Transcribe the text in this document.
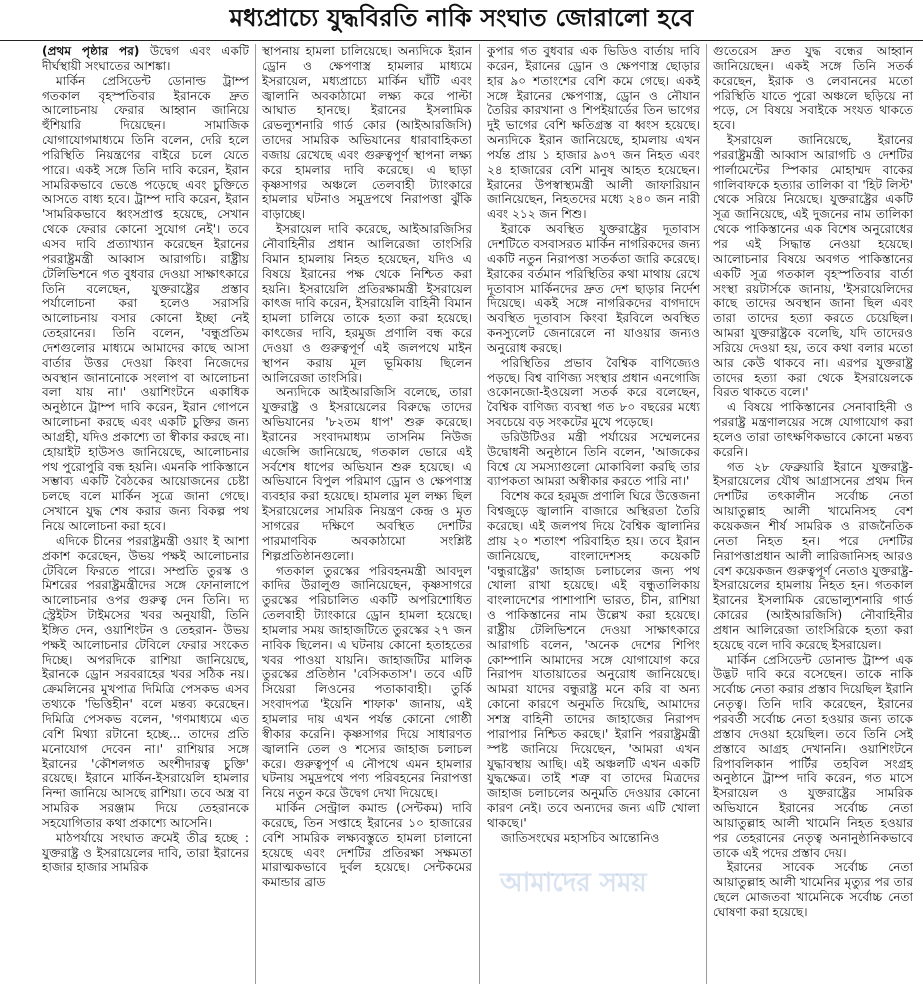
মধ্যপ্রাচ্যে যুদ্ধবিরতি নাকি সংঘাত জোরালো হবে

(প্রথম পৃষ্ঠার পর) উদ্বেগ এবং একটি দীর্ঘস্থায়ী সংঘাতের আশঙ্কা।

মার্কিন প্রেসিডেন্ট ডোনাল্ড ট্রাম্প গতকাল বৃহস্পতিবার ইরানকে দ্রুত আলোচনায় ফেরার আহ্বান জানিয়ে হুঁশিয়ারি দিয়েছেন। সামাজিক যোগাযোগমাধ্যমে তিনি বলেন, দেরি হলে পরিস্থিতি নিয়ন্ত্রণের বাইরে চলে যেতে পারে। একই সঙ্গে তিনি দাবি করেন, ইরান সামরিকভাবে ভেঙে পড়েছে এবং চুক্তিতে আসতে বাধ্য হবে। ট্রাম্প দাবি করেন, ইরান 'সামরিকভাবে ধ্বংসপ্রাপ্ত হয়েছে, সেখান থেকে ফেরার কোনো সুযোগ নেই'। তবে এসব দাবি প্রত্যাখ্যান করেছেন ইরানের পররাষ্ট্রমন্ত্রী আব্বাস আরাগচি। রাষ্ট্রীয় টেলিভিশনে গত বুধবার দেওয়া সাক্ষাৎকারে তিনি বলেছেন, যুক্তরাষ্ট্রের প্রস্তাব পর্যালোচনা করা হলেও সরাসরি আলোচনায় বসার কোনো ইচ্ছা নেই তেহরানের। তিনি বলেন, 'বন্ধুপ্রতিম দেশগুলোর মাধ্যমে আমাদের কাছে আসা বার্তার উত্তর দেওয়া কিংবা নিজেদের অবস্থান জানানোকে সংলাপ বা আলোচনা বলা যায় না।' ওয়াশিংটনে একাধিক অনুষ্ঠানে ট্রাম্প দাবি করেন, ইরান গোপনে আলোচনা করছে এবং একটি চুক্তির জন্য আগ্রহী, যদিও প্রকাশ্যে তা স্বীকার করছে না। হোয়াইট হাউসও জানিয়েছে, আলোচনার পথ পুরোপুরি বন্ধ হয়নি। এমনকি পাকিস্তানে সম্ভাব্য একটি বৈঠকের আয়োজনের চেষ্টা চলছে বলে মার্কিন সূত্রে জানা গেছে। সেখানে যুদ্ধ শেষ করার জন্য বিকল্প পথ নিয়ে আলোচনা করা হবে।

এদিকে চীনের পররাষ্ট্রমন্ত্রী ওয়াং ই আশা প্রকাশ করেছেন, উভয় পক্ষই আলোচনার টেবিলে ফিরতে পারে। সম্প্রতি তুরস্ক ও মিশরের পররাষ্ট্রমন্ত্রীদের সঙ্গে ফোনালাপে আলোচনার ওপর গুরুত্ব দেন তিনি। দ্য স্ট্রেইটস টাইমসের খবর অনুযায়ী, তিনি ইঙ্গিত দেন, ওয়াশিংটন ও তেহরান- উভয় পক্ষই আলোচনার টেবিলে ফেরার সংকেত দিচ্ছে। অপরদিকে রাশিয়া জানিয়েছে, ইরানকে ড্রোন সরবরাহের খবর সঠিক নয়। ক্রেমলিনের মুখপাত্র দিমিত্রি পেসকভ এসব তথ্যকে 'ভিত্তিহীন' বলে মন্তব্য করেছেন। দিমিত্রি পেসকভ বলেন, 'গণমাধ্যমে এত বেশি মিথ্যা রটানো হচ্ছে... তাদের প্রতি মনোযোগ দেবেন না।' রাশিয়ার সঙ্গে ইরানের 'কৌশলগত অংশীদারত্ব চুক্তি' রয়েছে। ইরানে মার্কিন-ইসরায়েলি হামলার নিন্দা জানিয়ে আসছে রাশিয়া। তবে অস্ত্র বা সামরিক সরঞ্জাম দিয়ে তেহরানকে সহযোগিতার কথা প্রকাশ্যে আসেনি।

মাঠপর্যায়ে সংঘাত ক্রমেই তীব্র হচ্ছে : যুক্তরাষ্ট্র ও ইসরায়েলের দাবি, তারা ইরানের হাজার হাজার সামরিক

স্থাপনায় হামলা চালিয়েছে। অন্যদিকে ইরান ড্রোন ও ক্ষেপণাস্ত্র হামলার মাধ্যমে ইসরায়েল, মধ্যপ্রাচ্যে মার্কিন ঘাঁটি এবং জ্বালানি অবকাঠামো লক্ষ্য করে পাল্টা আঘাত হানছে। ইরানের ইসলামিক রেভল্যুশনারি গার্ড কোর (আইআরজিসি) তাদের সামরিক অভিযানের ধারাবাহিকতা বজায় রেখেছে এবং গুরুত্বপূর্ণ স্থাপনা লক্ষ্য করে হামলার দাবি করেছে। এ ছাড়া কৃষ্ণসাগর অঞ্চলে তেলবাহী ট্যাংকারে হামলার ঘটনাও সমুদ্রপথে নিরাপত্তা ঝুঁকি বাড়াচ্ছে।

ইসরায়েল দাবি করেছে, আইআরজিসির নৌবাহিনীর প্রধান আলিরেজা তাংসিরি বিমান হামলায় নিহত হয়েছেন, যদিও এ বিষয়ে ইরানের পক্ষ থেকে নিশ্চিত করা হয়নি। ইসরায়েলি প্রতিরক্ষামন্ত্রী ইসরায়েল কাৎজ দাবি করেন, ইসরায়েলি বাহিনী বিমান হামলা চালিয়ে তাকে হত্যা করা হয়েছে। কাৎজের দাবি, হরমুজ প্রণালি বন্ধ করে দেওয়া ও গুরুত্বপূর্ণ এই জলপথে মাইন স্থাপন করায় মূল ভূমিকায় ছিলেন আলিরেজা তাংসিরি।

অন্যদিকে আইআরজিসি বলেছে, তারা যুক্তরাষ্ট্র ও ইসরায়েলের বিরুদ্ধে তাদের অভিযানের '৮২তম ধাপ' শুরু করেছে। ইরানের সংবাদমাধ্যম তাসনিম নিউজ এজেন্সি জানিয়েছে, গতকাল ভোরে এই সর্বশেষ ধাপের অভিযান শুরু হয়েছে। এ অভিযানে বিপুল পরিমাণ ড্রোন ও ক্ষেপণাস্ত্র ব্যবহার করা হয়েছে। হামলার মূল লক্ষ্য ছিল ইসরায়েলের সামরিক নিয়ন্ত্রণ কেন্দ্র ও মৃত সাগরের দক্ষিণে অবস্থিত দেশটির পারমাণবিক অবকাঠামো সংশ্লিষ্ট শিল্পপ্রতিষ্ঠানগুলো।

গতকাল তুরস্কের পরিবহনমন্ত্রী আবদুল কাদির উরালুগু জানিয়েছেন, কৃষ্ণসাগরে তুরস্কের পরিচালিত একটি অপরিশোধিত তেলবাহী ট্যাংকারে ড্রোন হামলা হয়েছে। হামলার সময় জাহাজটিতে তুরস্কের ২৭ জন নাবিক ছিলেন। এ ঘটনায় কোনো হতাহতের খবর পাওয়া যায়নি। জাহাজটির মালিক তুরস্কের প্রতিষ্ঠান 'বেসিকতাস'। তবে এটি সিয়েরা লিওনের পতাকাবাহী। তুর্কি সংবাদপত্র 'ইয়েনি শাফাক' জানায়, এই হামলার দায় এখন পর্যন্ত কোনো গোষ্ঠী স্বীকার করেনি। কৃষ্ণসাগর দিয়ে সাধারণত জ্বালানি তেল ও শস্যের জাহাজ চলাচল করে। গুরুত্বপূর্ণ এ নৌপথে এমন হামলার ঘটনায় সমুদ্রপথে পণ্য পরিবহনের নিরাপত্তা নিয়ে নতুন করে উদ্বেগ দেখা দিয়েছে।

মার্কিন সেন্ট্রাল কমান্ড (সেন্টকম) দাবি করেছে, তিন সপ্তাহে ইরানের ১০ হাজারের বেশি সামরিক লক্ষ্যবস্তুতে হামলা চালানো হয়েছে এবং দেশটির প্রতিরক্ষা সক্ষমতা মারাত্মকভাবে দুর্বল হয়েছে। সেন্টকমের কমান্ডার ব্রাড

কুপার গত বুধবার এক ভিডিও বার্তায় দাবি করেন, ইরানের ড্রোন ও ক্ষেপণাস্ত্র ছোড়ার হার ৯০ শতাংশের বেশি কমে গেছে। একই সঙ্গে ইরানের ক্ষেপণাস্ত্র, ড্রোন ও নৌযান তৈরির কারখানা ও শিপইয়ার্ডের তিন ভাগের দুই ভাগের বেশি ক্ষতিগ্রস্ত বা ধ্বংস হয়েছে। অন্যদিকে ইরান জানিয়েছে, হামলায় এখন পর্যন্ত প্রায় ১ হাজার ৯৩৭ জন নিহত এবং ২৪ হাজারের বেশি মানুষ আহত হয়েছেন। ইরানের উপস্বাস্থ্যমন্ত্রী আলী জাফারিয়ান জানিয়েছেন, নিহতদের মধ্যে ২৪০ জন নারী এবং ২১২ জন শিশু।

ইরাকে অবস্থিত যুক্তরাষ্ট্রের দূতাবাস দেশটিতে বসবাসরত মার্কিন নাগরিকদের জন্য একটি নতুন নিরাপত্তা সতর্কতা জারি করেছে। ইরাকের বর্তমান পরিস্থিতির কথা মাথায় রেখে দূতাবাস মার্কিনদের দ্রুত দেশ ছাড়ার নির্দেশ দিয়েছে। একই সঙ্গে নাগরিকদের বাগদাদে অবস্থিত দূতাবাস কিংবা ইরবিলে অবস্থিত কনস্যুলেট জেনারেলে না যাওয়ার জন্যও অনুরোধ করছে।

পরিস্থিতির প্রভাব বৈশ্বিক বাণিজ্যেও পড়ছে। বিশ্ব বাণিজ্য সংস্থার প্রধান এনগোজি ওকোনজো-ইওয়েলা সতর্ক করে বলেছেন, বৈশ্বিক বাণিজ্য ব্যবস্থা গত ৮০ বছরের মধ্যে সবচেয়ে বড় সংকটের মুখে পড়েছে।

ডরিউটিওর মন্ত্রী পর্যায়ের সম্মেলনের উদ্বোধনী অনুষ্ঠানে তিনি বলেন, 'আজকের বিশ্বে যে সমস্যাগুলো মোকাবিলা করছি তার ব্যাপকতা আমরা অস্বীকার করতে পারি না।'

বিশেষ করে হরমুজ প্রণালি ঘিরে উত্তেজনা বিশ্বজুড়ে জ্বালানি বাজারে অস্থিরতা তৈরি করেছে। এই জলপথ দিয়ে বৈশ্বিক জ্বালানির প্রায় ২০ শতাংশ পরিবাহিত হয়। তবে ইরান জানিয়েছে, বাংলাদেশসহ কয়েকটি 'বন্ধুরাষ্ট্রের' জাহাজ চলাচলের জন্য পথ খোলা রাখা হয়েছে। এই বন্ধুতালিকায় বাংলাদেশের পাশাপাশি ভারত, চীন, রাশিয়া ও পাকিস্তানের নাম উল্লেখ করা হয়েছে। রাষ্ট্রীয় টেলিভিশনে দেওয়া সাক্ষাৎকারে আরাগচি বলেন, 'অনেক দেশের শিপিং কোম্পানি আমাদের সঙ্গে যোগাযোগ করে নিরাপদ যাতায়াতের অনুরোধ জানিয়েছে। আমরা যাদের বন্ধুরাষ্ট্র মনে করি বা অন্য কোনো কারণে অনুমতি দিয়েছি, আমাদের সশস্ত্র বাহিনী তাদের জাহাজের নিরাপদ পারাপার নিশ্চিত করছে।' ইরানি পররাষ্ট্রমন্ত্রী স্পষ্ট জানিয়ে দিয়েছেন, 'আমরা এখন যুদ্ধাবস্থায় আছি। এই অঞ্চলটি এখন একটি যুদ্ধক্ষেত্র। তাই শত্রু বা তাদের মিত্রদের জাহাজ চলাচলের অনুমতি দেওয়ার কোনো কারণ নেই। তবে অন্যদের জন্য এটি খোলা থাকছে।'

জাতিসংঘের মহাসচিব আন্তোনিও

গুতেরেস দ্রুত যুদ্ধ বন্ধের আহ্বান জানিয়েছেন। একই সঙ্গে তিনি সতর্ক করেছেন, ইরাক ও লেবাননের মতো পরিস্থিতি যাতে পুরো অঞ্চলে ছড়িয়ে না পড়ে, সে বিষয়ে সবাইকে সংযত থাকতে হবে।

ইসরায়েল জানিয়েছে, ইরানের পররাষ্ট্রমন্ত্রী আব্বাস আরাগচি ও দেশটির পার্লামেন্টের স্পিকার মোহাম্মদ বাকের গালিবাফকে হত্যার তালিকা বা 'হিট লিস্ট' থেকে সরিয়ে নিয়েছে। যুক্তরাষ্ট্রের একটি সূত্র জানিয়েছে, এই দুজনের নাম তালিকা থেকে পাকিস্তানের এক বিশেষ অনুরোধের পর এই সিদ্ধান্ত নেওয়া হয়েছে। আলোচনার বিষয়ে অবগত পাকিস্তানের একটি সূত্র গতকাল বৃহস্পতিবার বার্তা সংস্থা রয়টার্সকে জানায়, 'ইসরায়েলিদের কাছে তাদের অবস্থান জানা ছিল এবং তারা তাদের হত্যা করতে চেয়েছিল। আমরা যুক্তরাষ্ট্রকে বলেছি, যদি তাদেরও সরিয়ে দেওয়া হয়, তবে কথা বলার মতো আর কেউ থাকবে না। এরপর যুক্তরাষ্ট্র তাদের হত্যা করা থেকে ইসরায়েলকে বিরত থাকতে বলে।'

এ বিষয়ে পাকিস্তানের সেনাবাহিনী ও পররাষ্ট্র মন্ত্রণালয়ের সঙ্গে যোগাযোগ করা হলেও তারা তাৎক্ষণিকভাবে কোনো মন্তব্য করেনি।

গত ২৮ ফেব্রুয়ারি ইরানে যুক্তরাষ্ট্র-ইসরায়েলের যৌথ আগ্রাসনের প্রথম দিন দেশটির তৎকালীন সর্বোচ্চ নেতা আয়াতুল্লাহ আলী খামেনিসহ বেশ কয়েকজন শীর্ষ সামরিক ও রাজনৈতিক নেতা নিহত হন। পরে দেশটির নিরাপত্তাপ্রধান আলী লারিজানিসহ আরও বেশ কয়েকজন গুরুত্বপূর্ণ নেতাও যুক্তরাষ্ট্র-ইসরায়েলের হামলায় নিহত হন। গতকাল ইরানের ইসলামিক রেভোল্যুশনারি গার্ড কোরের (আইআরজিসি) নৌবাহিনীর প্রধান আলিরেজা তাংসিরিকে হত্যা করা হয়েছে বলে দাবি করেছে ইসরায়েল।

মার্কিন প্রেসিডেন্ট ডোনাল্ড ট্রাম্প এক উদ্ভট দাবি করে বসেছেন। তাকে নাকি সর্বোচ্চ নেতা করার প্রস্তাব দিয়েছিল ইরানি নেতৃত্ব। তিনি দাবি করেছেন, ইরানের পরবর্তী সর্বোচ্চ নেতা হওয়ার জন্য তাকে প্রস্তাব দেওয়া হয়েছিল। তবে তিনি সেই প্রস্তাবে আগ্রহ দেখাননি। ওয়াশিংটনে রিপাবলিকান পার্টির তহবিল সংগ্রহ অনুষ্ঠানে ট্রাম্প দাবি করেন, গত মাসে ইসরায়েল ও যুক্তরাষ্ট্রের সামরিক অভিযানে ইরানের সর্বোচ্চ নেতা আয়াতুল্লাহ আলী খামেনি নিহত হওয়ার পর তেহরানের নেতৃত্ব অনানুষ্ঠানিকভাবে তাকে এই পদের প্রস্তাব দেয়।

ইরানের সাবেক সর্বোচ্চ নেতা আয়াতুল্লাহ আলী খামেনির মৃত্যুর পর তার ছেলে মোজতবা খামেনিকে সর্বোচ্চ নেতা ঘোষণা করা হয়েছে।

আমাদের সময়
